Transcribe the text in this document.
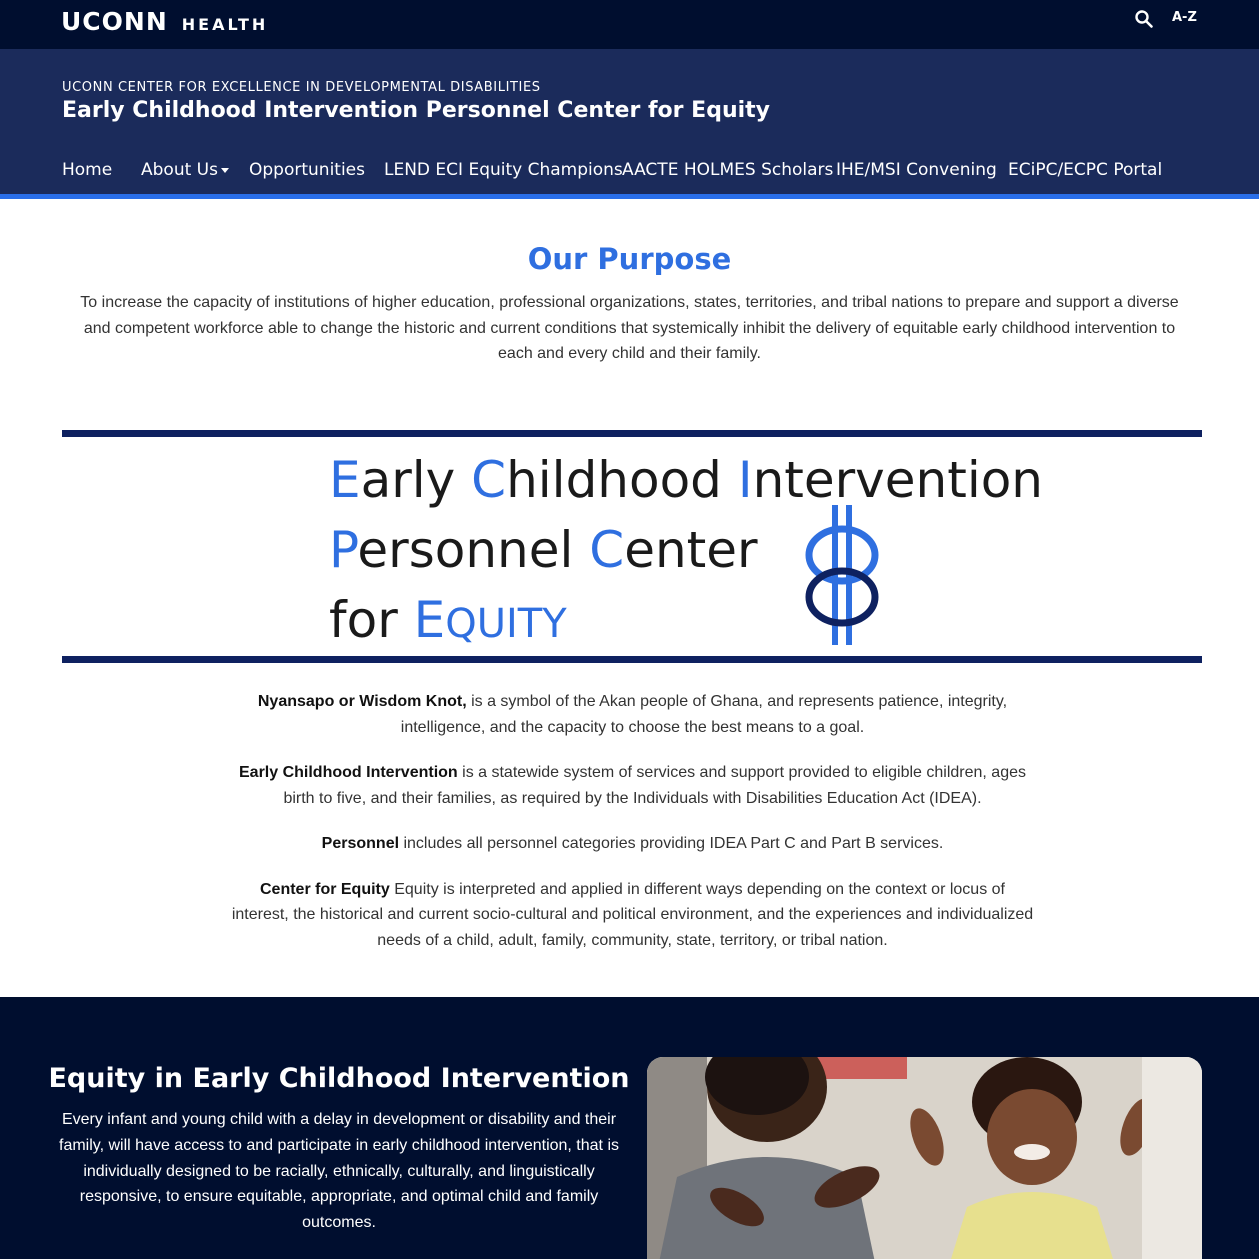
UCONN HEALTH	A-Z
UCONN CENTER FOR EXCELLENCE IN DEVELOPMENTAL DISABILITIES
Early Childhood Intervention Personnel Center for Equity
Home About Us	Opportunities LEND ECI Equity Champions AACTE HOLMES Scholars IHE/MSI Convening ECiPC/ECPC Portal
Our Purpose

To increase the capacity of institutions of higher education, professional organizations, states, territories, and tribal nations to prepare and support a diverse and competent workforce able to change the historic and current conditions that systemically inhibit the delivery of equitable early childhood intervention to each and every child and their family.

Early Childhood Intervention
Personnel Center
for EQUITY

Nyansapo or Wisdom Knot, is a symbol of the Akan people of Ghana, and represents patience, integrity, intelligence, and the capacity to choose the best means to a goal.

Early Childhood Intervention is a statewide system of services and support provided to eligible children, ages birth to five, and their families, as required by the Individuals with Disabilities Education Act (IDEA).

Personnel includes all personnel categories providing IDEA Part C and Part B services.

Center for Equity Equity is interpreted and applied in different ways depending on the context or locus of interest, the historical and current socio-cultural and political environment, and the experiences and individualized needs of a child, adult, family, community, state, territory, or tribal nation.

Equity in Early Childhood Intervention

Every infant and young child with a delay in development or disability and their family, will have access to and participate in early childhood intervention, that is individually designed to be racially, ethnically, culturally, and linguistically responsive, to ensure equitable, appropriate, and optimal child and family outcomes.
